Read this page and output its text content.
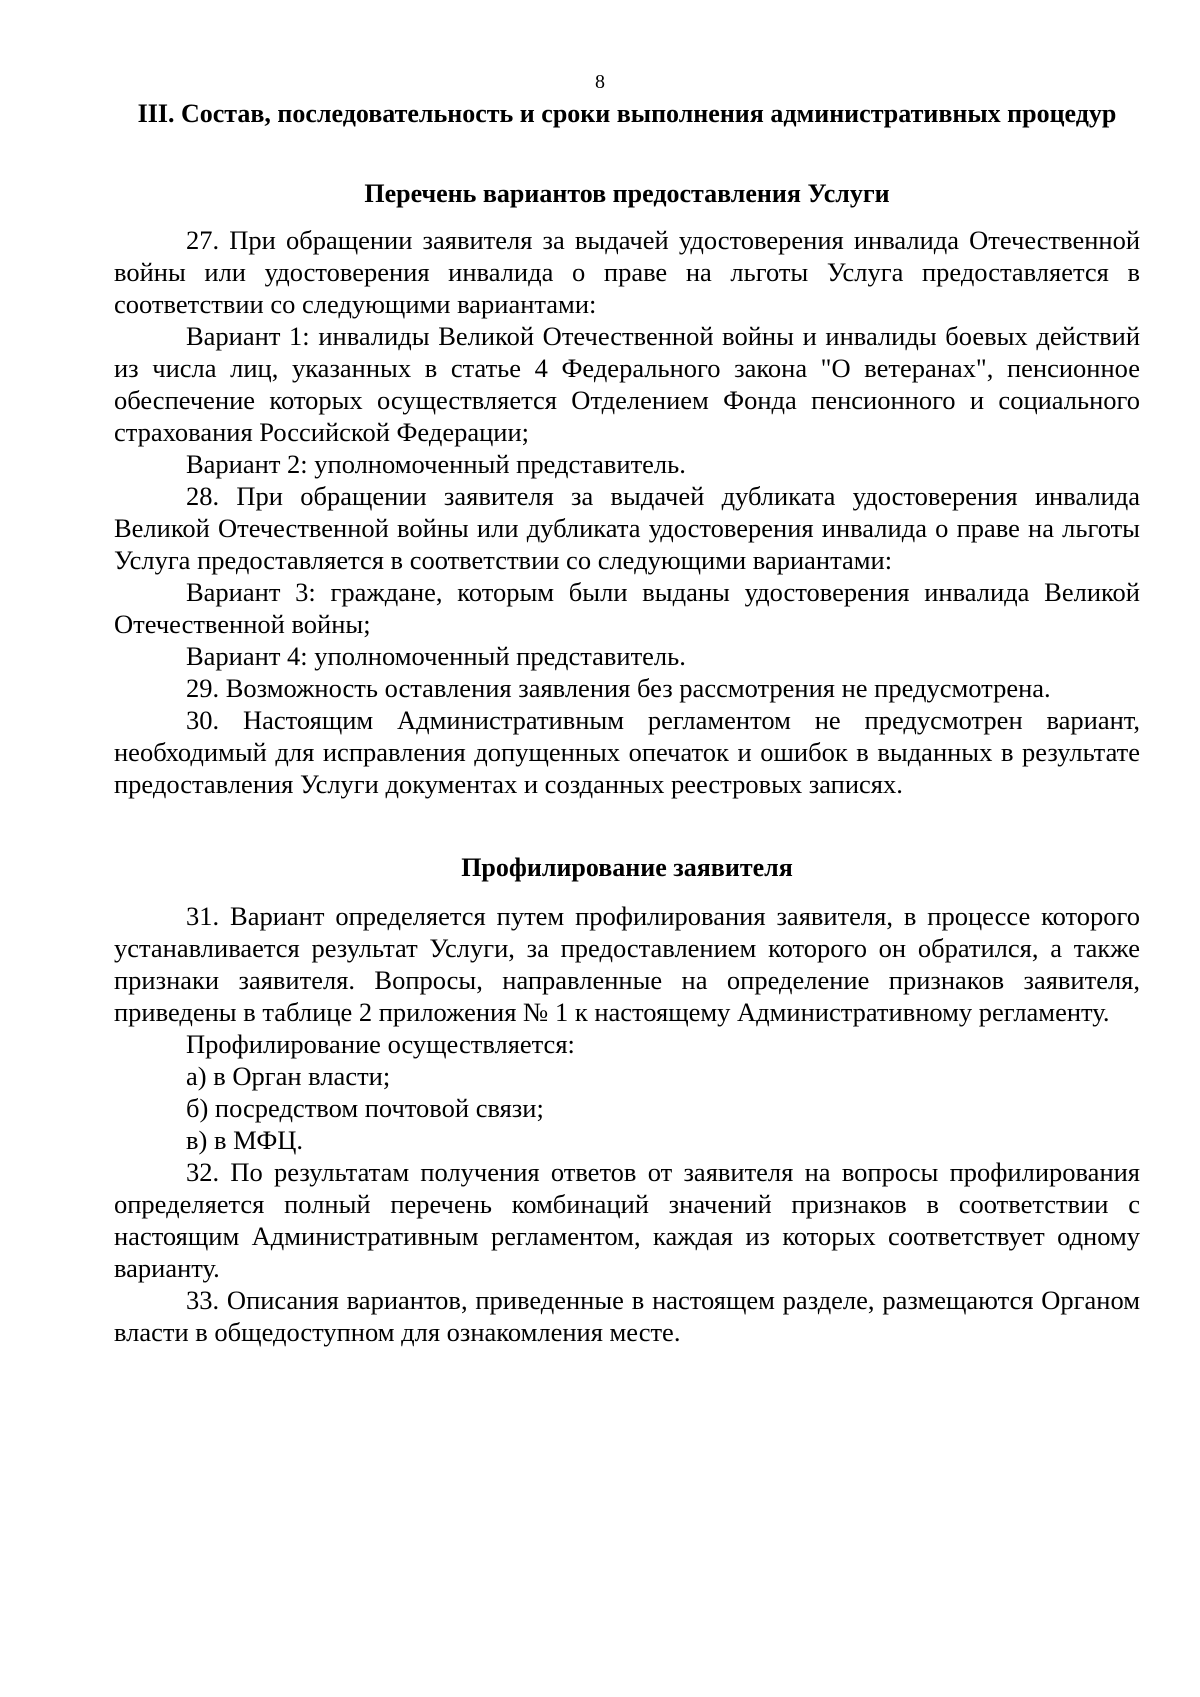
8
III. Состав, последовательность и сроки выполнения административных процедур
Перечень вариантов предоставления Услуги

27. При обращении заявителя за выдачей удостоверения инвалида Отечественной войны или удостоверения инвалида о праве на льготы Услуга предоставляется в соответствии со следующими вариантами:

Вариант 1: инвалиды Великой Отечественной войны и инвалиды боевых действий из числа лиц, указанных в статье 4 Федерального закона "О ветеранах", пенсионное обеспечение которых осуществляется Отделением Фонда пенсионного и социального страхования Российской Федерации;

Вариант 2: уполномоченный представитель.

28. При обращении заявителя за выдачей дубликата удостоверения инвалида Великой Отечественной войны или дубликата удостоверения инвалида о праве на льготы Услуга предоставляется в соответствии со следующими вариантами:

Вариант 3: граждане, которым были выданы удостоверения инвалида Великой Отечественной войны;

Вариант 4: уполномоченный представитель.

29. Возможность оставления заявления без рассмотрения не предусмотрена.

30. Настоящим Административным регламентом не предусмотрен вариант, необходимый для исправления допущенных опечаток и ошибок в выданных в результате предоставления Услуги документах и созданных реестровых записях.

Профилирование заявителя

31. Вариант определяется путем профилирования заявителя, в процессе которого устанавливается результат Услуги, за предоставлением которого он обратился, а также признаки заявителя. Вопросы, направленные на определение признаков заявителя, приведены в таблице 2 приложения № 1 к настоящему Административному регламенту.

Профилирование осуществляется:

а) в Орган власти;

б) посредством почтовой связи;

в) в МФЦ.

32. По результатам получения ответов от заявителя на вопросы профилирования определяется полный перечень комбинаций значений признаков в соответствии с настоящим Административным регламентом, каждая из которых соответствует одному варианту.

33. Описания вариантов, приведенные в настоящем разделе, размещаются Органом власти в общедоступном для ознакомления месте.
